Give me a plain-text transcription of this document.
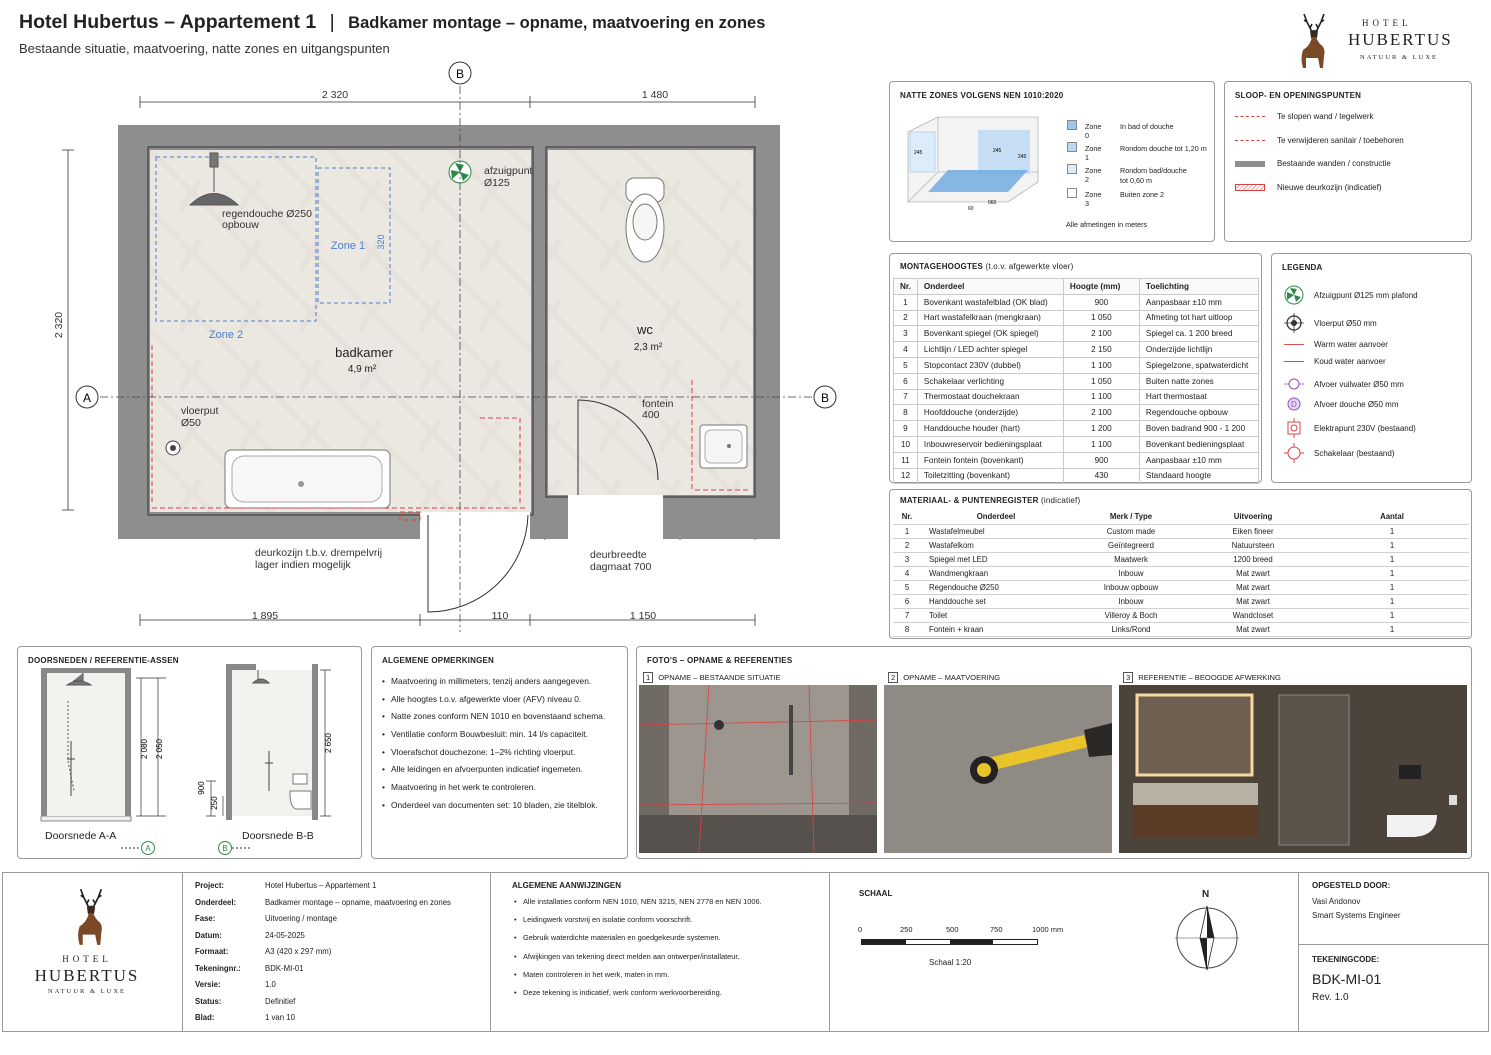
Hotel Hubertus – Appartement 1 | Badkamer montage – opname, maatvoering en zones
Bestaande situatie, maatvoering, natte zones en uitgangspunten
HOTEL
HUBERTUS
NATUUR & LUXE
2 320	1 480
2 320
1 895	110	1 150
Zone 1 320
Zone 2
regendouche Ø250
opbouw
afzuigpunt
Ø125
badkamer
4,9 m²
wc
2,3 m²
fontein
400
vloerput
Ø50
B
A	B
deurkozijn t.b.v. drempelvrij
lager indien mogelijk
deurbreedte
dagmaat 700
NATTE ZONES VOLGENS NEN 1010:2020
245	245
245
060
60
Zone 0
In bad of douche
Zone 1
Rondom douche tot 1,20 m
Zone 2
Rondom bad/douche tot 0,60 m
Zone 3
Buiten zone 2
Alle afmetingen in meters
SLOOP- EN OPENINGSPUNTEN
Te slopen wand / tegelwerk
Te verwijderen sanitair / toebehoren
Bestaande wanden / constructie
Nieuwe deurkozijn (indicatief)
MONTAGEHOOGTES (t.o.v. afgewerkte vloer)
Nr.	Onderdeel	Hoogte (mm)	Toelichting
1	Bovenkant wastafelblad (OK blad)	900	Aanpasbaar ±10 mm
2	Hart wastafelkraan (mengkraan)	1 050	Afmeting tot hart uitloop
3	Bovenkant spiegel (OK spiegel)	2 100	Spiegel ca. 1 200 breed
4	Lichtlijn / LED achter spiegel	2 150	Onderzijde lichtlijn
5	Stopcontact 230V (dubbel)	1 100	Spiegelzone, spatwaterdicht
6	Schakelaar verlichting	1 050	Buiten natte zones
7	Thermostaat douchekraan	1 100	Hart thermostaat
8	Hoofddouche (onderzijde)	2 100	Regendouche opbouw
9	Handdouche houder (hart)	1 200	Boven badrand 900 - 1 200
10	Inbouwreservoir bedieningsplaat	1 100	Bovenkant bedieningsplaat
11	Fontein fontein (bovenkant)	900	Aanpasbaar ±10 mm
12	Toiletzitting (bovenkant)	430	Standaard hoogte
LEGENDA
Afzuigpunt Ø125 mm plafond
Vloerput Ø50 mm
Warm water aanvoer
Koud water aanvoer
Afvoer vuilwater Ø50 mm
D Afvoer douche Ø50 mm
Elektrapunt 230V (bestaand)
Schakelaar (bestaand)
MATERIAAL- & PUNTENREGISTER (indicatief)
Nr.	Onderdeel	Merk / Type	Uitvoering	Aantal
1	Wastafelmeubel	Custom made	Eiken fineer	1
2	Wastafelkom	Geïntegreerd	Natuursteen	1
3	Spiegel met LED	Maatwerk	1200 breed	1
4	Wandmengkraan	Inbouw	Mat zwart	1
5	Regendouche Ø250	Inbouw opbouw	Mat zwart	1
6	Handdouche set	Inbouw	Mat zwart	1
7	Toilet	Villeroy & Boch	Wandcloset	1
8	Fontein + kraan	Links/Rond	Mat zwart	1
DOORSNEDEN / REFERENTIE-ASSEN
2 080 2 050	2 650
900
250
A	B
Doorsnede A-A	Doorsnede B-B
ALGEMENE OPMERKINGEN
• Maatvoering in millimeters, tenzij anders aangegeven.
• Alle hoogtes t.o.v. afgewerkte vloer (AFV) niveau 0.
• Natte zones conform NEN 1010 en bovenstaand schema.
• Ventilatie conform Bouwbesluit: min. 14 l/s capaciteit.
• Vloerafschot douchezone: 1–2% richting vloerput.
• Alle leidingen en afvoerpunten indicatief ingemeten.
• Maatvoering in het werk te controleren.
• Onderdeel van documenten set: 10 bladen, zie titelblok.
FOTO'S – OPNAME & REFERENTIES
1	OPNAME – BESTAANDE SITUATIE	2	OPNAME – MAATVOERING	3	REFERENTIE – BEOOGDE AFWERKING
HOTEL
HUBERTUS
NATUUR & LUXE
Project:	Hotel Hubertus – Appartement 1
Onderdeel:	Badkamer montage – opname, maatvoering en zones
Fase:	Uitvoering / montage
Datum:	24-05-2025
Formaat:	A3 (420 x 297 mm)
Tekeningnr.:	BDK-MI-01
Versie:	1.0
Status:	Definitief
Blad:	1 van 10
ALGEMENE AANWIJZINGEN
• Alle installaties conform NEN 1010, NEN 3215, NEN 2778 en NEN 1006.
• Leidingwerk vorstvrij en isolatie conform voorschrift.
• Gebruik waterdichte materialen en goedgekeurde systemen.
• Afwijkingen van tekening direct melden aan ontwerper/installateur.
• Maten controleren in het werk, maten in mm.
• Deze tekening is indicatief, werk conform werkvoorbereiding.
SCHAAL
0	250	500	750	1000 mm
Schaal 1:20
N
OPGESTELD DOOR:
Vasi Andonov
Smart Systems Engineer
TEKENINGCODE:
BDK-MI-01
Rev. 1.0
